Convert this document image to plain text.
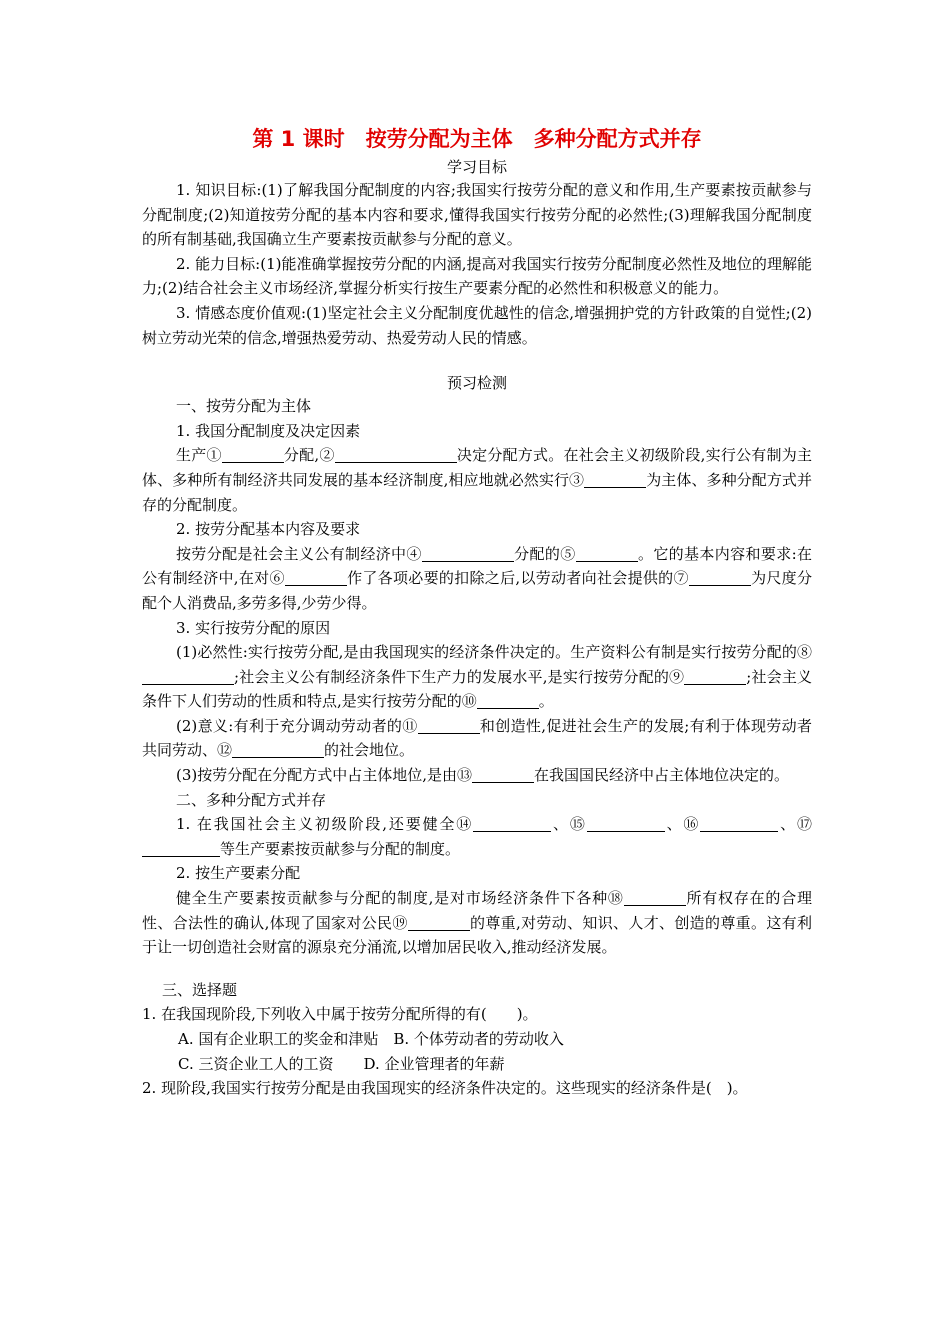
第 1 课时　按劳分配为主体　多种分配方式并存

学习目标

1. 知识目标:(1)了解我国分配制度的内容;我国实行按劳分配的意义和作用,生产要素按贡献参与分配制度;(2)知道按劳分配的基本内容和要求,懂得我国实行按劳分配的必然性;(3)理解我国分配制度的所有制基础,我国确立生产要素按贡献参与分配的意义。

2. 能力目标:(1)能准确掌握按劳分配的内涵,提高对我国实行按劳分配制度必然性及地位的理解能力;(2)结合社会主义市场经济,掌握分析实行按生产要素分配的必然性和积极意义的能力。

3. 情感态度价值观:(1)坚定社会主义分配制度优越性的信念,增强拥护党的方针政策的自觉性;(2)树立劳动光荣的信念,增强热爱劳动、热爱劳动人民的情感。

预习检测

一、按劳分配为主体

1. 我国分配制度及决定因素

生产①	分配,②	决定分配方式。在社会主义初级阶段,实行公有制为主体、多种所有制经济共同发展的基本经济制度,相应地就必然实行③	为主体、多种分配方式并存的分配制度。

2. 按劳分配基本内容及要求

按劳分配是社会主义公有制经济中④	分配的⑤	。它的基本内容和要求:在公有制经济中,在对⑥	作了各项必要的扣除之后,以劳动者向社会提供的⑦	为尺度分配个人消费品,多劳多得,少劳少得。

3. 实行按劳分配的原因

(1)必然性:实行按劳分配,是由我国现实的经济条件决定的。生产资料公有制是实行按劳分配的⑧;社会主义公有制经济条件下生产力的发展水平,是实行按劳分配的⑨	;社会主义条件下人们劳动的性质和特点,是实行按劳分配的⑩	。

(2)意义:有利于充分调动劳动者的⑪	和创造性,促进社会生产的发展;有利于体现劳动者共同劳动、⑫	的社会地位。

(3)按劳分配在分配方式中占主体地位,是由⑬	在我国国民经济中占主体地位决定的。

二、多种分配方式并存

1. 在我国社会主义初级阶段,还要健全⑭	、⑮	、⑯	、⑰等生产要素按贡献参与分配的制度。

2. 按生产要素分配

健全生产要素按贡献参与分配的制度,是对市场经济条件下各种⑱	所有权存在的合理性、合法性的确认,体现了国家对公民⑲	的尊重,对劳动、知识、人才、创造的尊重。这有利于让一切创造社会财富的源泉充分涌流,以增加居民收入,推动经济发展。

三、选择题

1. 在我国现阶段,下列收入中属于按劳分配所得的有(　　)。

A. 国有企业职工的奖金和津贴　B. 个体劳动者的劳动收入

C. 三资企业工人的工资　　D. 企业管理者的年薪

2. 现阶段,我国实行按劳分配是由我国现实的经济条件决定的。这些现实的经济条件是(　)。
